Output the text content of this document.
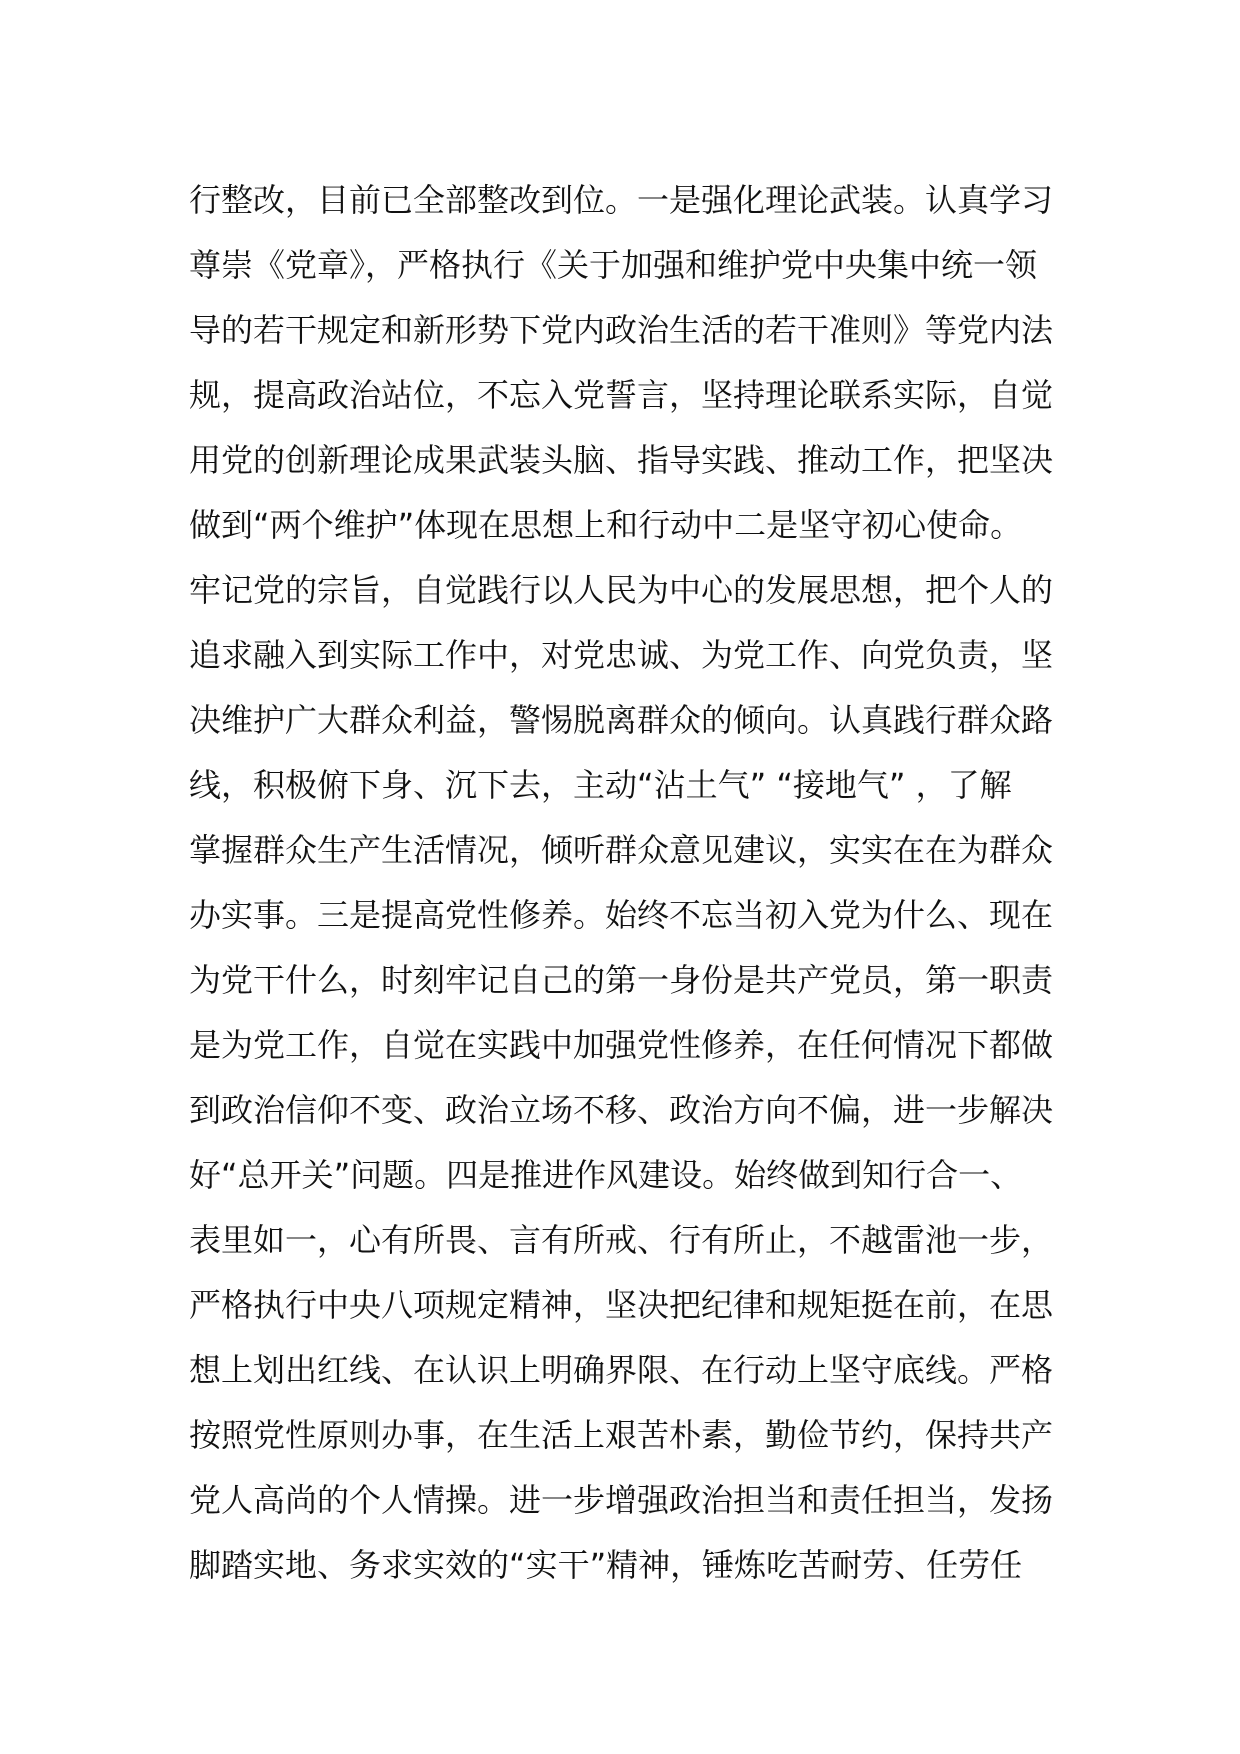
行整改，目前已全部整改到位。一是强化理论武装。认真学习
尊崇《党章》，严格执行《关于加强和维护党中央集中统一领
导的若干规定和新形势下党内政治生活的若干准则》等党内法
规，提高政治站位，不忘入党誓言，坚持理论联系实际，自觉
用党的创新理论成果武装头脑、指导实践、推动工作，把坚决
做到“两个维护”体现在思想上和行动中二是坚守初心使命。
牢记党的宗旨，自觉践行以人民为中心的发展思想，把个人的
追求融入到实际工作中，对党忠诚、为党工作、向党负责，坚
决维护广大群众利益，警惕脱离群众的倾向。认真践行群众路
线，积极俯下身、沉下去，主动“沾土气” “接地气” ，了解
掌握群众生产生活情况，倾听群众意见建议，实实在在为群众
办实事。三是提高党性修养。始终不忘当初入党为什么、现在
为党干什么，时刻牢记自己的第一身份是共产党员，第一职责
是为党工作，自觉在实践中加强党性修养，在任何情况下都做
到政治信仰不变、政治立场不移、政治方向不偏，进一步解决
好“总开关”问题。四是推进作风建设。始终做到知行合一、
表里如一，心有所畏、言有所戒、行有所止，不越雷池一步，
严格执行中央八项规定精神，坚决把纪律和规矩挺在前，在思
想上划出红线、在认识上明确界限、在行动上坚守底线。严格
按照党性原则办事，在生活上艰苦朴素，勤俭节约，保持共产
党人高尚的个人情操。进一步增强政治担当和责任担当，发扬
脚踏实地、务求实效的“实干”精神，锤炼吃苦耐劳、任劳任
